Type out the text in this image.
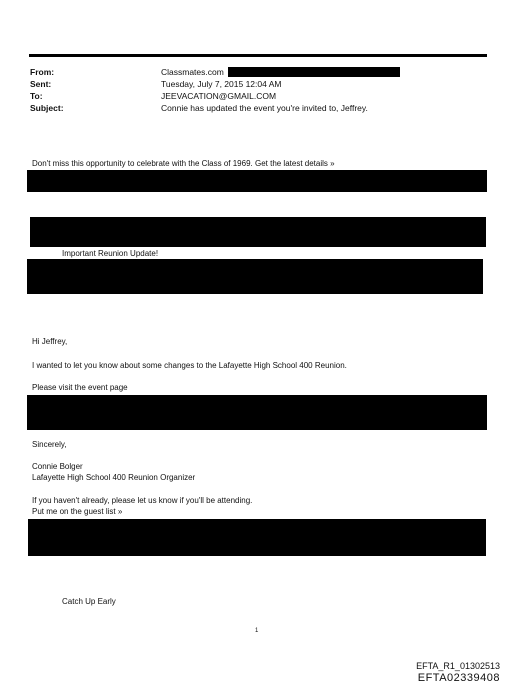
From:	Classmates.com
Sent:	Tuesday, July 7, 2015 12:04 AM
To:	JEEVACATION@GMAIL.COM
Subject:	Connie has updated the event you're invited to, Jeffrey.
Don't miss this opportunity to celebrate with the Class of 1969. Get the latest details »
Important Reunion Update!
Hi Jeffrey,
I wanted to let you know about some changes to the Lafayette High School 400 Reunion.
Please visit the event page
Sincerely,
Connie Bolger
Lafayette High School 400 Reunion Organizer
If you haven't already, please let us know if you'll be attending.
Put me on the guest list »
Catch Up Early
1
EFTA_R1_01302513
EFTA02339408
